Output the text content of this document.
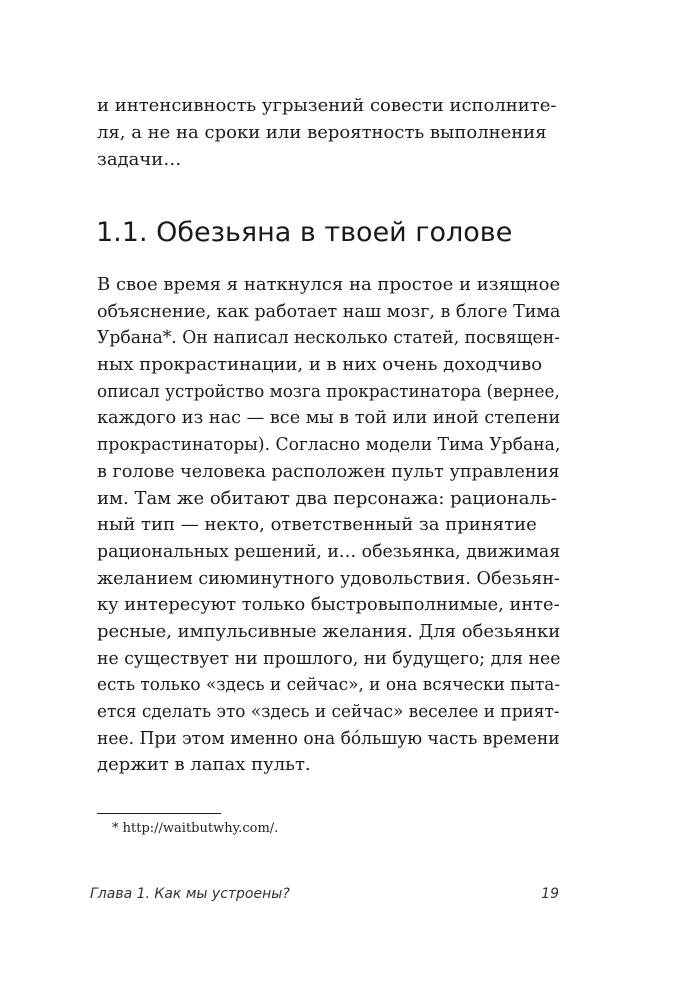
и интенсивность угрызений совести исполните-
ля, а не на сроки или вероятность выполнения
задачи…
1.1. Обезьяна в твоей голове
В свое время я наткнулся на простое и изящное
объяснение, как работает наш мозг, в блоге Тима
Урбана*. Он написал несколько статей, посвящен-
ных прокрастинации, и в них очень доходчиво
описал устройство мозга прокрастинатора (вернее,
каждого из нас — все мы в той или иной степени
прокрастинаторы). Согласно модели Тима Урбана,
в голове человека расположен пульт управления
им. Там же обитают два персонажа: рациональ-
ный тип — некто, ответственный за принятие
рациональных решений, и… обезьянка, движимая
желанием сиюминутного удовольствия. Обезьян-
ку интересуют только быстровыполнимые, инте-
ресные, импульсивные желания. Для обезьянки
не существует ни прошлого, ни будущего; для нее
есть только «здесь и сейчас», и она всячески пыта-
ется сделать это «здесь и сейчас» веселее и прият-
нее. При этом именно она бóльшую часть времени
держит в лапах пульт.
* http://waitbutwhy.com/.
Глава 1. Как мы устроены?	19
